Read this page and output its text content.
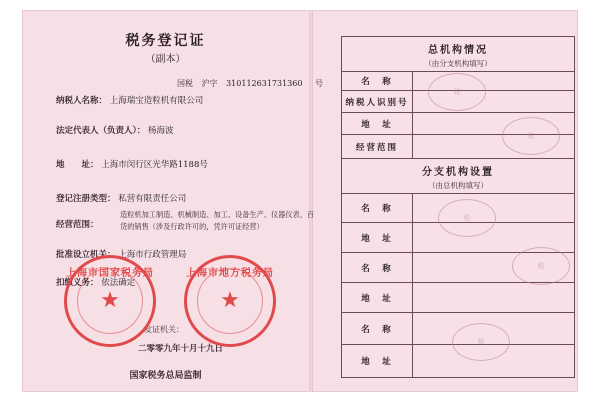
税务登记证
（副本）
国税 沪字 310112631731360 号
纳税人名称： 上海瑞宝造粒机有限公司
法定代表人（负责人）： 杨海波
地　　址： 上海市闵行区光华路1188号
登记注册类型： 私营有限责任公司
经营范围：
造粒机加工制造、机械制造、加工、设备生产、仪器仪表、百
货的销售（涉及行政许可的，凭许可证经营）
批准设立机关： 上海市行政管理局
扣缴义务： 依法确定
发证机关：
二零零九年十月十九日
国家税务总局监制
上海市国家税务局
★
上海市地方税务局
★
总机构情况
（由分支机构填写）
名　称
纳税人识别号
地　址
经营范围
分支机构设置
（由总机构填写）
名　称
地　址
名　称
地　址
名　称
地　址
税
税
税
税
税
